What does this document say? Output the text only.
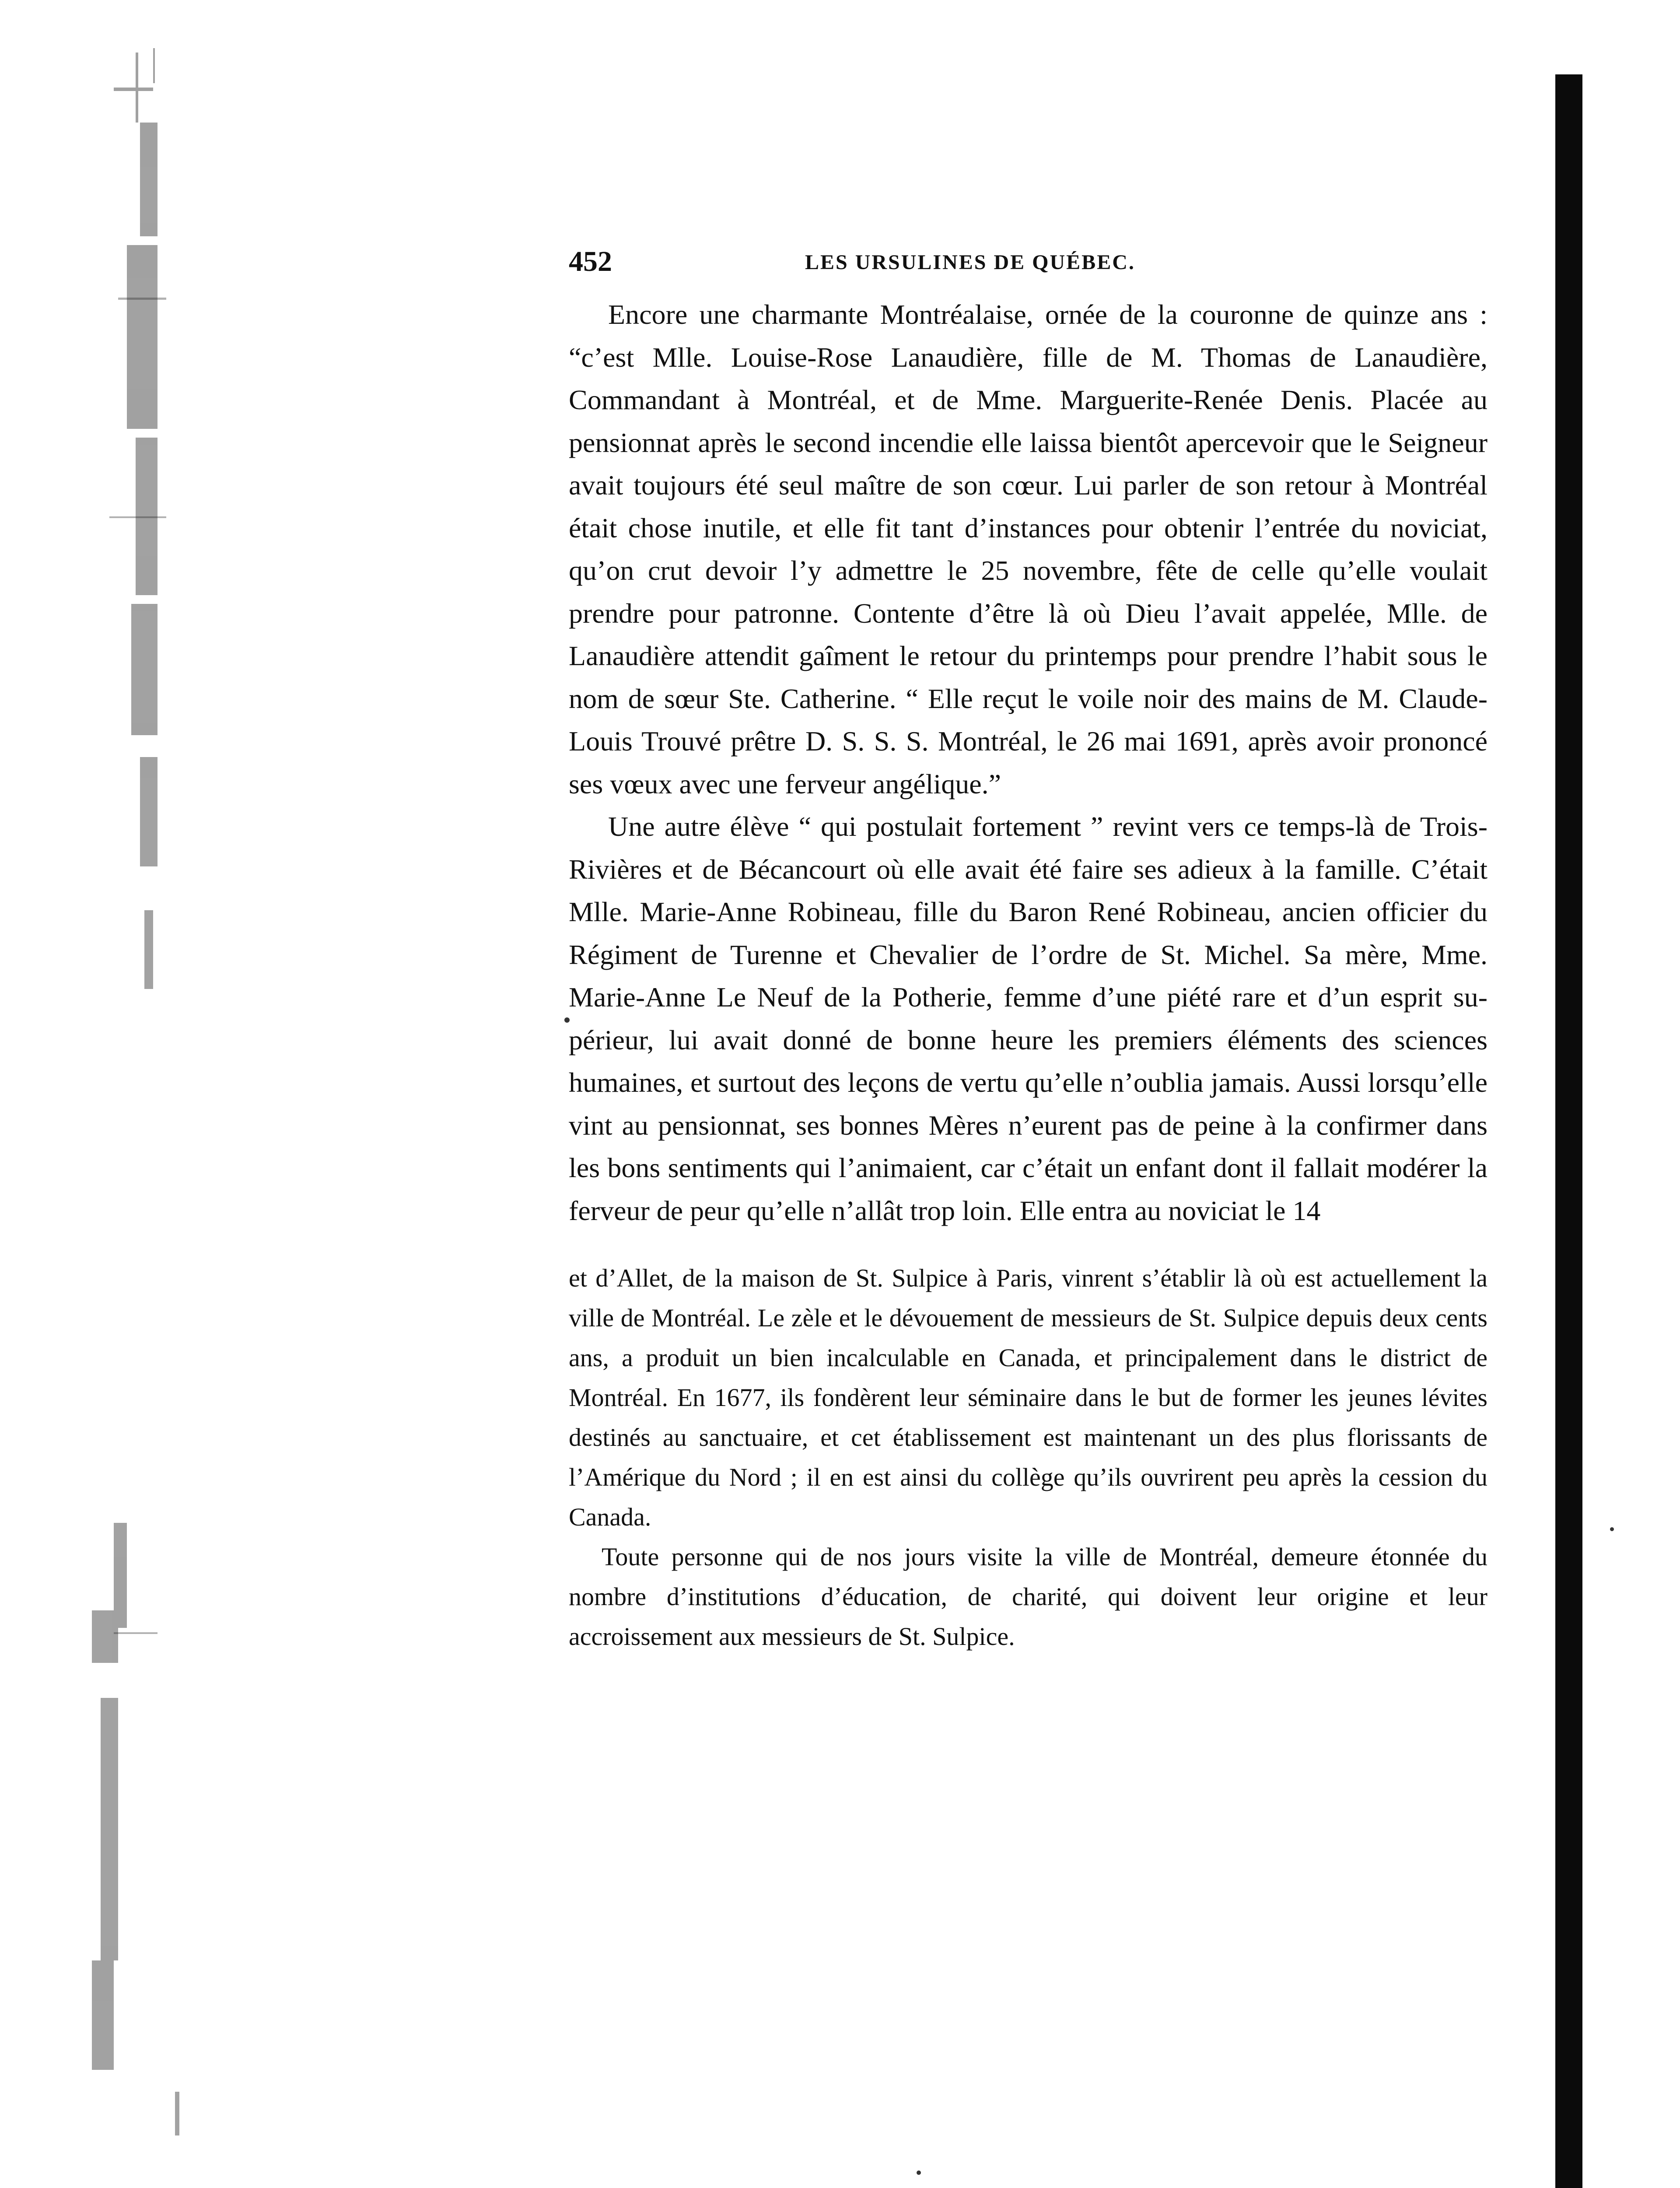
452	LES URSULINES DE QUÉBEC.

Encore une charmante Montréalaise, ornée de la couronne de quinze ans : “c’est Mlle. Louise-Rose Lanaudière, fille de M. Thomas de Lanaudière, Commandant à Montréal, et de Mme. Marguerite-Renée Denis. Placée au pensionnat après le second incendie elle laissa bientôt apercevoir que le Seigneur avait toujours été seul maître de son cœur. Lui parler de son retour à Montréal était chose inutile, et elle fit tant d’instances pour obtenir l’entrée du noviciat, qu’on crut devoir l’y admettre le 25 novembre, fête de celle qu’elle voulait prendre pour patronne. Contente d’être là où Dieu l’avait appelée, Mlle. de Lanaudière attendit gaîment le retour du printemps pour prendre l’habit sous le nom de sœur Ste. Catherine. “ Elle reçut le voile noir des mains de M. Claude-Louis Trouvé prêtre D. S. S. S. Montréal, le 26 mai 1691, après avoir prononcé ses vœux avec une ferveur angélique.”

Une autre élève “ qui postulait fortement ” revint vers ce temps-là de Trois-Rivières et de Bécancourt où elle avait été faire ses adieux à la famille. C’était Mlle. Marie-Anne Robineau, fille du Baron René Robineau, ancien officier du Régiment de Turenne et Chevalier de l’ordre de St. Michel. Sa mère, Mme. Marie-Anne Le Neuf de la Potherie, femme d’une piété rare et d’un esprit supérieur, lui avait donné de bonne heure les premiers éléments des sciences humaines, et surtout des leçons de vertu qu’elle n’oublia jamais. Aussi lorsqu’elle vint au pensionnat, ses bonnes Mères n’eurent pas de peine à la confirmer dans les bons sentiments qui l’animaient, car c’était un enfant dont il fallait modérer la ferveur de peur qu’elle n’allât trop loin. Elle entra au noviciat le 14

et d’Allet, de la maison de St. Sulpice à Paris, vinrent s’établir là où est actuellement la ville de Montréal. Le zèle et le dévouement de messieurs de St. Sulpice depuis deux cents ans, a produit un bien incalculable en Canada, et principalement dans le district de Montréal. En 1677, ils fondèrent leur séminaire dans le but de former les jeunes lévites destinés au sanctuaire, et cet établissement est maintenant un des plus florissants de l’Amérique du Nord ; il en est ainsi du collège qu’ils ouvrirent peu après la cession du Canada.

Toute personne qui de nos jours visite la ville de Montréal, demeure étonnée du nombre d’institutions d’éducation, de charité, qui doivent leur origine et leur accroissement aux messieurs de St. Sulpice.
